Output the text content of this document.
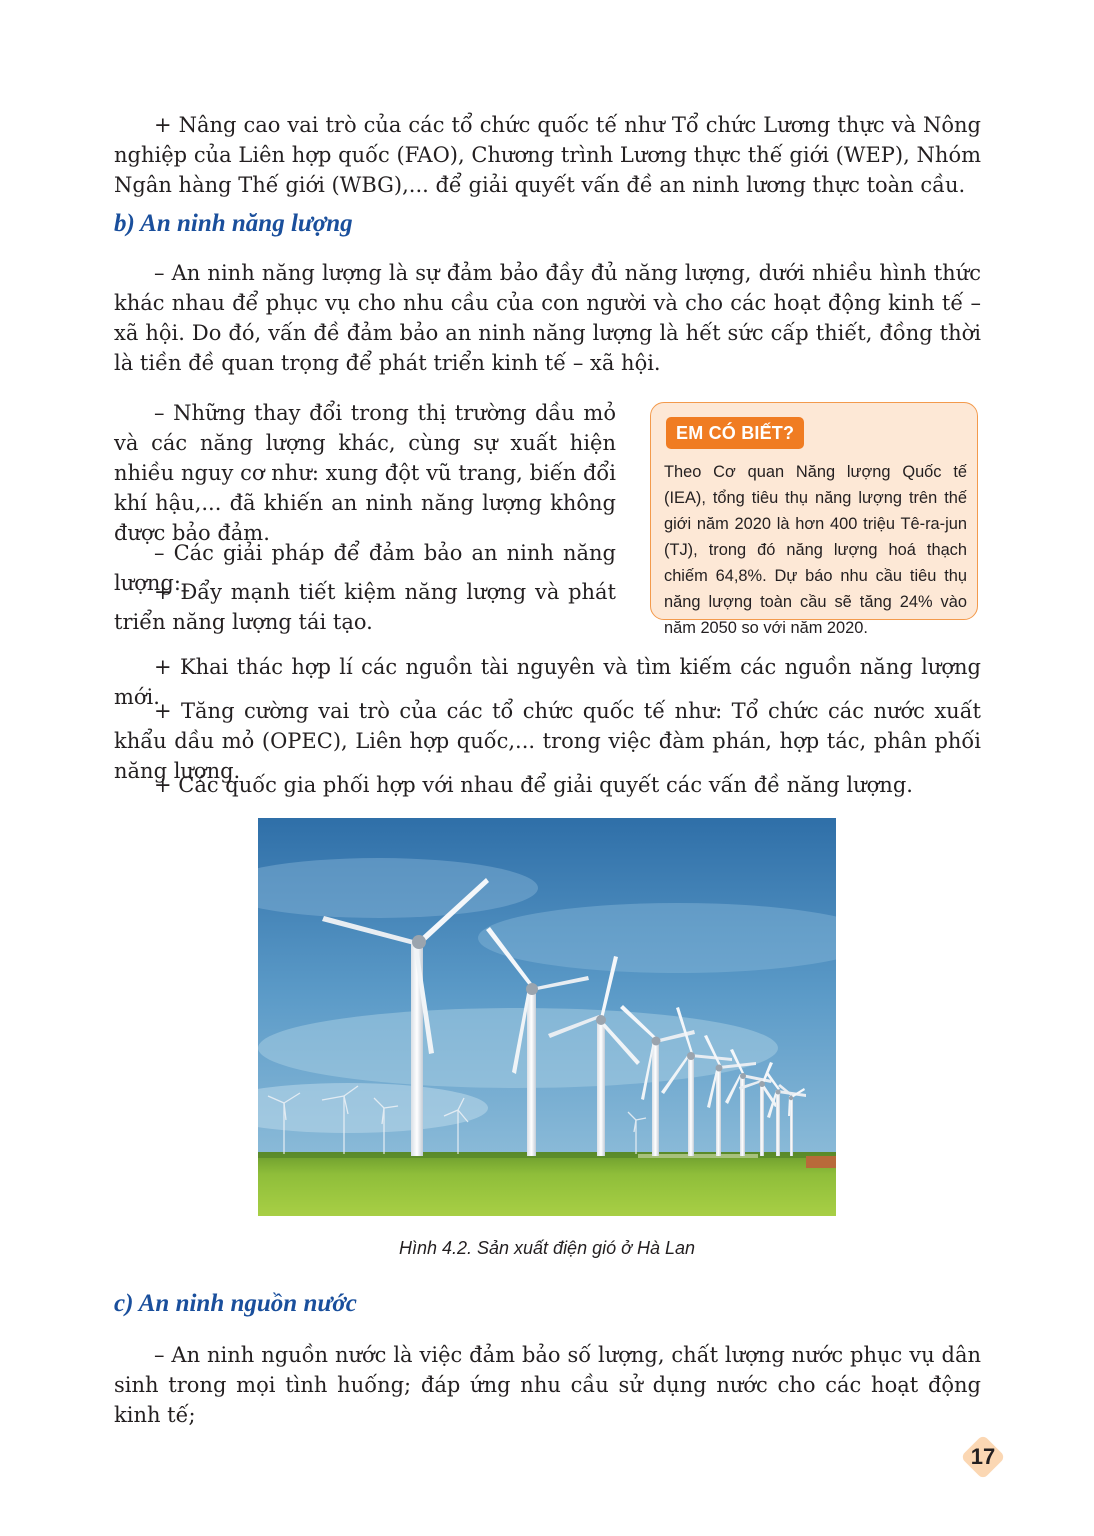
+ Nâng cao vai trò của các tổ chức quốc tế như Tổ chức Lương thực và Nông nghiệp của Liên hợp quốc (FAO), Chương trình Lương thực thế giới (WEP), Nhóm Ngân hàng Thế giới (WBG),... để giải quyết vấn đề an ninh lương thực toàn cầu.

b) An ninh năng lượng

– An ninh năng lượng là sự đảm bảo đầy đủ năng lượng, dưới nhiều hình thức khác nhau để phục vụ cho nhu cầu của con người và cho các hoạt động kinh tế – xã hội. Do đó, vấn đề đảm bảo an ninh năng lượng là hết sức cấp thiết, đồng thời là tiền đề quan trọng để phát triển kinh tế – xã hội.

– Những thay đổi trong thị trường dầu mỏ và các năng lượng khác, cùng sự xuất hiện nhiều nguy cơ như: xung đột vũ trang, biến đổi khí hậu,... đã khiến an ninh năng lượng không được bảo đảm.

– Các giải pháp để đảm bảo an ninh năng lượng:

+ Đẩy mạnh tiết kiệm năng lượng và phát triển năng lượng tái tạo.

EM CÓ BIẾT?

Theo Cơ quan Năng lượng Quốc tế (IEA), tổng tiêu thụ năng lượng trên thế giới năm 2020 là hơn 400 triệu Tê-ra-jun (TJ), trong đó năng lượng hoá thạch chiếm 64,8%. Dự báo nhu cầu tiêu thụ năng lượng toàn cầu sẽ tăng 24% vào năm 2050 so với năm 2020.

+ Khai thác hợp lí các nguồn tài nguyên và tìm kiếm các nguồn năng lượng mới.

+ Tăng cường vai trò của các tổ chức quốc tế như: Tổ chức các nước xuất khẩu dầu mỏ (OPEC), Liên hợp quốc,... trong việc đàm phán, hợp tác, phân phối năng lượng.

+ Các quốc gia phối hợp với nhau để giải quyết các vấn đề năng lượng.

Hình 4.2. Sản xuất điện gió ở Hà Lan

c) An ninh nguồn nước

– An ninh nguồn nước là việc đảm bảo số lượng, chất lượng nước phục vụ dân sinh trong mọi tình huống; đáp ứng nhu cầu sử dụng nước cho các hoạt động kinh tế;

17
